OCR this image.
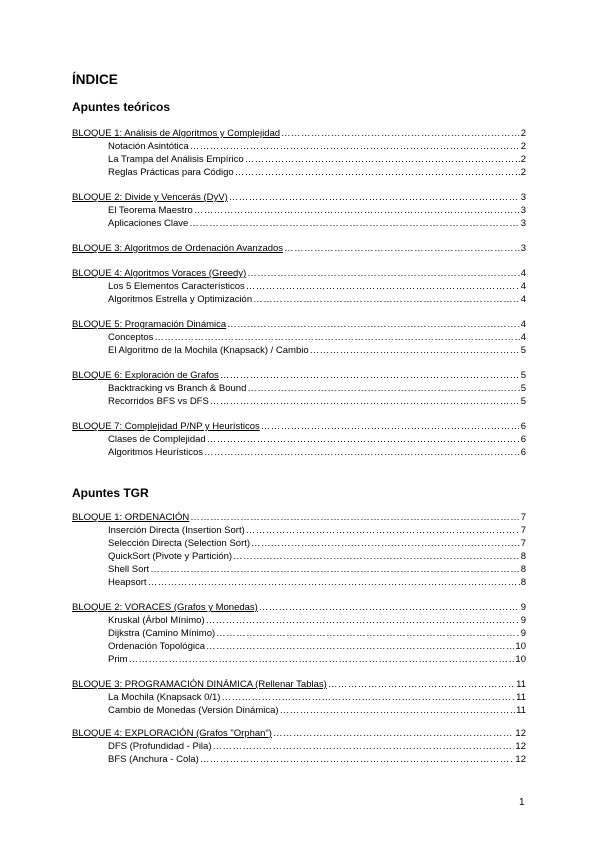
ÍNDICE
1
Apuntes teóricos
BLOQUE 1: Análisis de Algoritmos y Complejidad ……………………………………………………………………………………………………………………………………………………………………………………………………	2
Notación Asintótica ……………………………………………………………………………………………………………………………………………………………………………………………………	2
La Trampa del Análisis Empírico ……………………………………………………………………………………………………………………………………………………………………………………………………	2
Reglas Prácticas para Código ……………………………………………………………………………………………………………………………………………………………………………………………………	2
BLOQUE 2: Divide y Vencerás (DyV) ……………………………………………………………………………………………………………………………………………………………………………………………………	3
El Teorema Maestro ……………………………………………………………………………………………………………………………………………………………………………………………………	3
Aplicaciones Clave ……………………………………………………………………………………………………………………………………………………………………………………………………	3
BLOQUE 3: Algoritmos de Ordenación Avanzados ……………………………………………………………………………………………………………………………………………………………………………………………………	3
BLOQUE 4: Algoritmos Voraces (Greedy) ……………………………………………………………………………………………………………………………………………………………………………………………………	4
Los 5 Elementos Característicos ……………………………………………………………………………………………………………………………………………………………………………………………………	4
Algoritmos Estrella y Optimización ……………………………………………………………………………………………………………………………………………………………………………………………………	4
BLOQUE 5: Programación Dinámica ……………………………………………………………………………………………………………………………………………………………………………………………………	4
Conceptos ……………………………………………………………………………………………………………………………………………………………………………………………………	4
El Algoritmo de la Mochila (Knapsack) / Cambio ……………………………………………………………………………………………………………………………………………………………………………………………………	5
BLOQUE 6: Exploración de Grafos ……………………………………………………………………………………………………………………………………………………………………………………………………	5
Backtracking vs Branch & Bound ……………………………………………………………………………………………………………………………………………………………………………………………………	5
Recorridos BFS vs DFS ……………………………………………………………………………………………………………………………………………………………………………………………………	5
BLOQUE 7: Complejidad P/NP y Heurísticos ……………………………………………………………………………………………………………………………………………………………………………………………………	6
Clases de Complejidad ……………………………………………………………………………………………………………………………………………………………………………………………………	6
Algoritmos Heurísticos ……………………………………………………………………………………………………………………………………………………………………………………………………	6
Apuntes TGR
BLOQUE 1: ORDENACIÓN ……………………………………………………………………………………………………………………………………………………………………………………………………	7
Inserción Directa (Insertion Sort) ……………………………………………………………………………………………………………………………………………………………………………………………………	7
Selección Directa (Selection Sort) ……………………………………………………………………………………………………………………………………………………………………………………………………	7
QuickSort (Pivote y Partición) ……………………………………………………………………………………………………………………………………………………………………………………………………	8
Shell Sort ……………………………………………………………………………………………………………………………………………………………………………………………………	8
Heapsort ……………………………………………………………………………………………………………………………………………………………………………………………………	8
BLOQUE 2: VORACES (Grafos y Monedas) ……………………………………………………………………………………………………………………………………………………………………………………………………	9
Kruskal (Árbol Mínimo) ……………………………………………………………………………………………………………………………………………………………………………………………………	9
Dijkstra (Camino Mínimo) ……………………………………………………………………………………………………………………………………………………………………………………………………	9
Ordenación Topológica ……………………………………………………………………………………………………………………………………………………………………………………………………	10
Prim ……………………………………………………………………………………………………………………………………………………………………………………………………	10
BLOQUE 3: PROGRAMACIÓN DINÁMICA (Rellenar Tablas) ……………………………………………………………………………………………………………………………………………………………………………………………………	11
La Mochila (Knapsack 0/1) ……………………………………………………………………………………………………………………………………………………………………………………………………	11
Cambio de Monedas (Versión Dinámica) ……………………………………………………………………………………………………………………………………………………………………………………………………	11
BLOQUE 4: EXPLORACIÓN (Grafos "Orphan") ……………………………………………………………………………………………………………………………………………………………………………………………………	12
DFS (Profundidad - Pila) ……………………………………………………………………………………………………………………………………………………………………………………………………	12
BFS (Anchura - Cola) ……………………………………………………………………………………………………………………………………………………………………………………………………	12
